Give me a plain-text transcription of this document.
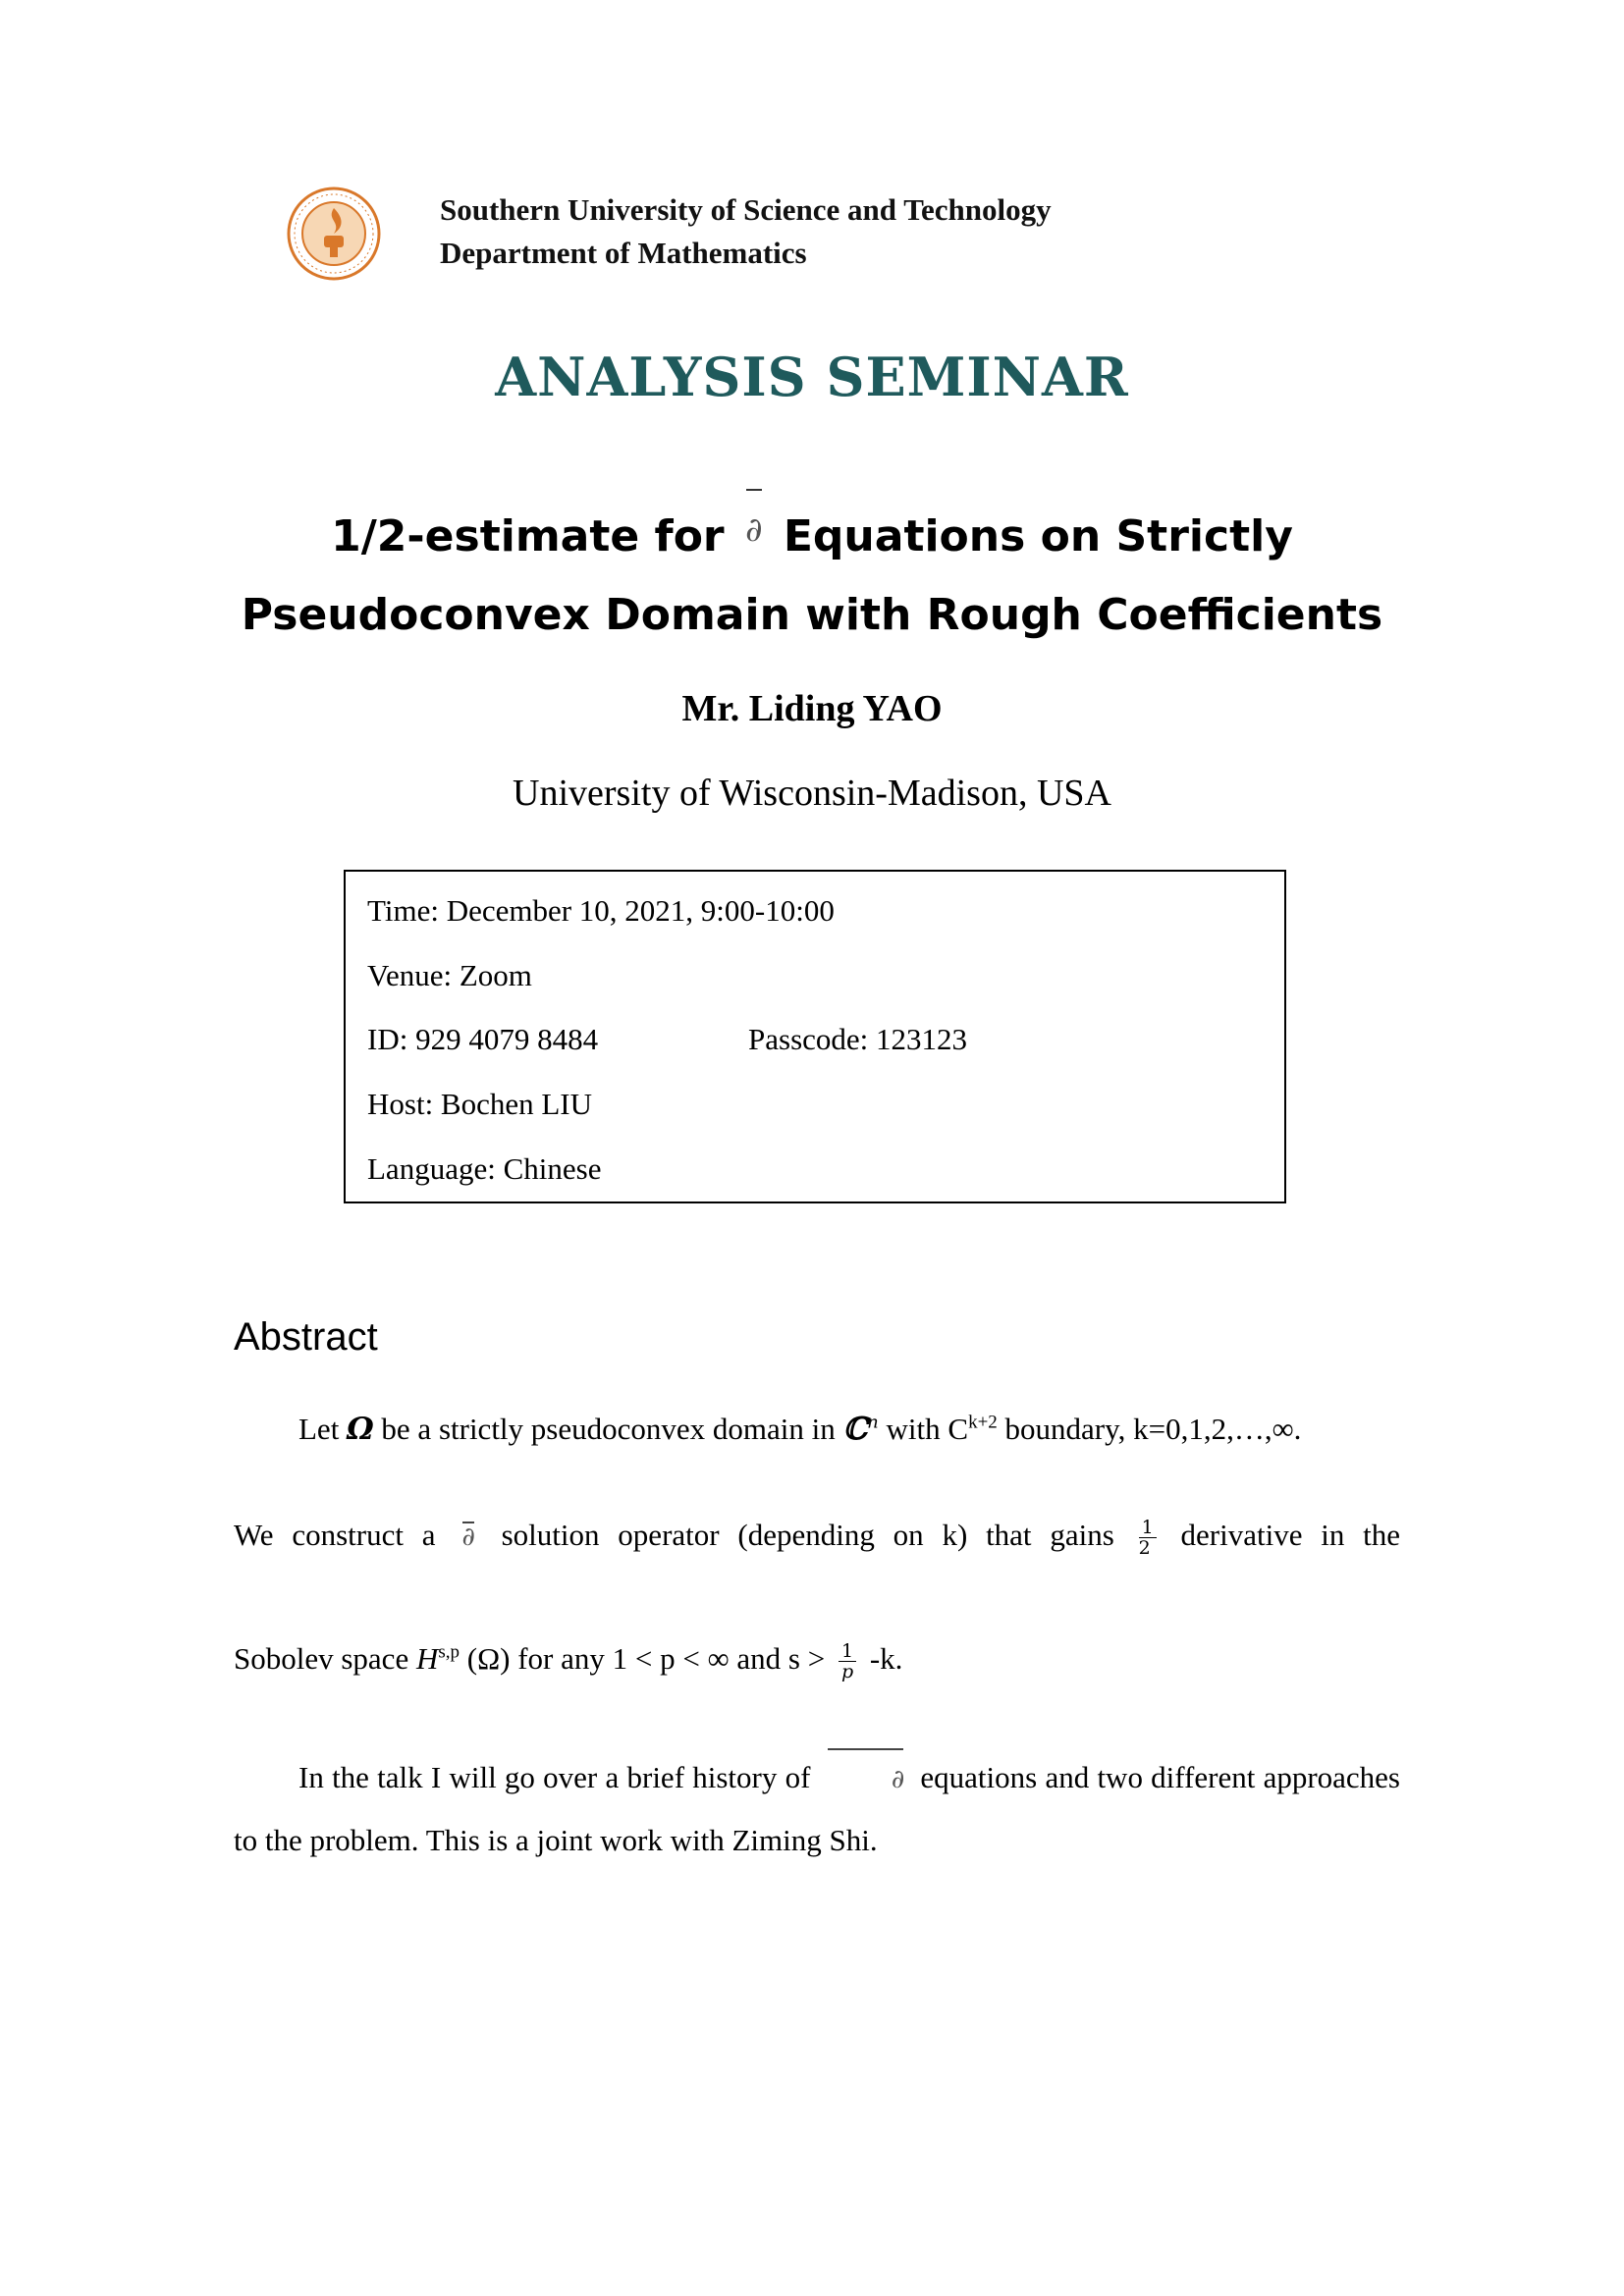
Southern University of Science and Technology
Department of Mathematics
ANALYSIS SEMINAR
1/2-estimate for ∂ Equations on Strictly
Pseudoconvex Domain with Rough Coefficients
Mr. Liding YAO
University of Wisconsin-Madison, USA
Time: December 10, 2021, 9:00-10:00
Venue: Zoom
ID: 929 4079 8484	Passcode: 123123
Host: Bochen LIU
Language: Chinese
Abstract
Let Ω be a strictly pseudoconvex domain in ℂ$^n$ with $C^{k+2}$ boundary, k=0,1,2,…,∞.
We construct a ∂ solution operator (depending on k) that gains $\frac{1}{2}$ derivative in the
Sobolev space H$^{s,p}$ (Ω) for any 1 < p < ∞ and $s > \frac{1}{p} -k$.
In the talk I will go over a brief history of	∂ equations and two different approaches to the problem. This is a joint work with Ziming Shi.
